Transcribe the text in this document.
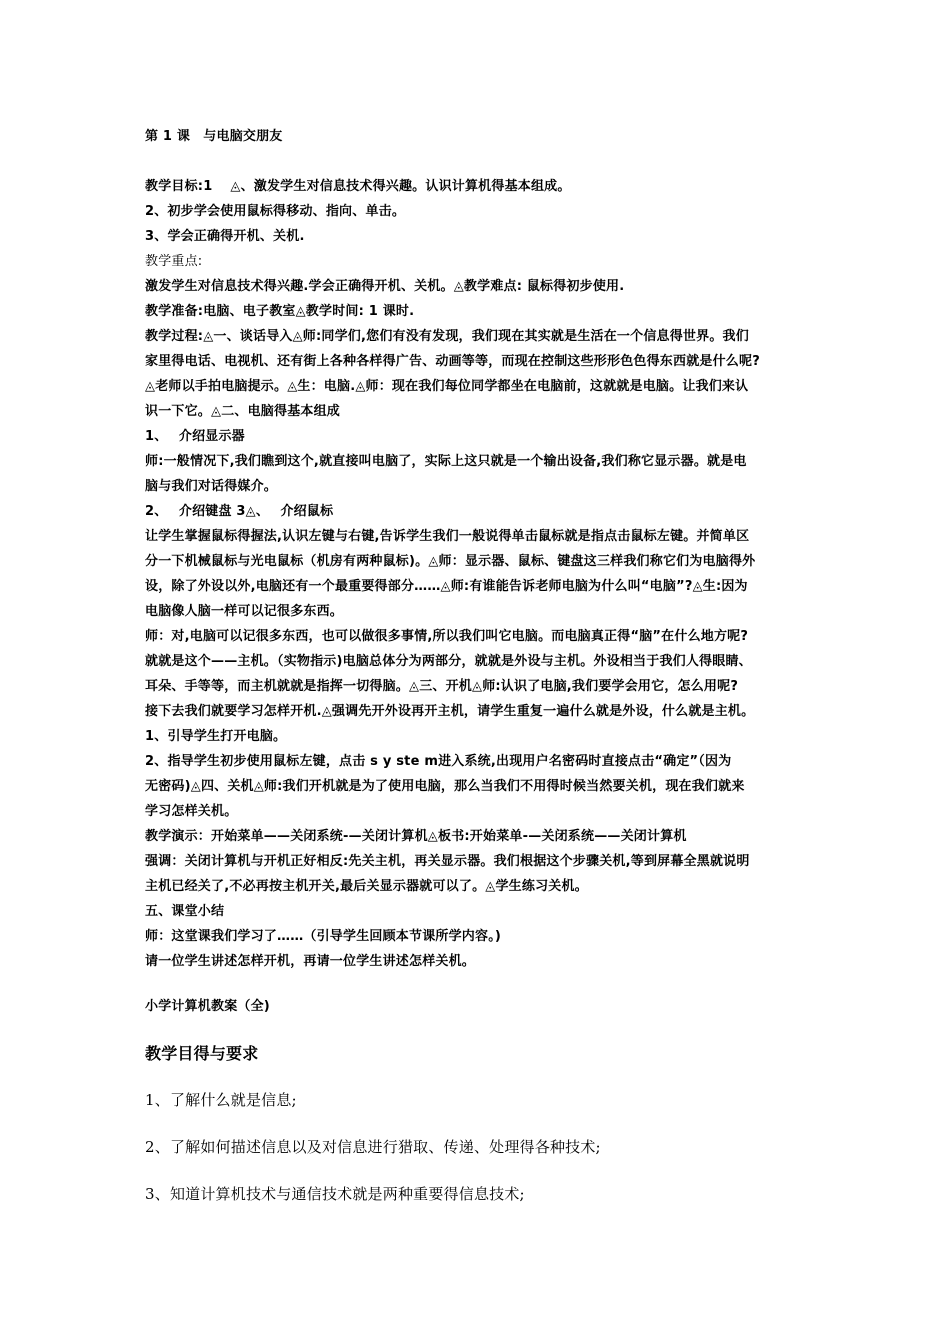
第 1 课　与电脑交朋友
教学目标:1　 ◬、激发学生对信息技术得兴趣。认识计算机得基本组成。
2、初步学会使用鼠标得移动、指向、单击。
3、学会正确得开机、关机.
教学重点:
激发学生对信息技术得兴趣.学会正确得开机、关机。◬教学难点: 鼠标得初步使用.
教学准备:电脑、电子教室◬教学时间: 1 课时.
教学过程:◬一、谈话导入◬师:同学们,您们有没有发现，我们现在其实就是生活在一个信息得世界。我们
家里得电话、电视机、还有街上各种各样得广告、动画等等，而现在控制这些形形色色得东西就是什么呢?
◬老师以手拍电脑提示。◬生：电脑.◬师：现在我们每位同学都坐在电脑前，这就就是电脑。让我们来认
识一下它。◬二、电脑得基本组成
1、　 介绍显示器
师:一般情况下,我们瞧到这个,就直接叫电脑了，实际上这只就是一个输出设备,我们称它显示器。就是电
脑与我们对话得媒介。
2、　 介绍键盘 3◬、　 介绍鼠标
让学生掌握鼠标得握法,认识左键与右键,告诉学生我们一般说得单击鼠标就是指点击鼠标左键。并简单区
分一下机械鼠标与光电鼠标（机房有两种鼠标)。◬师：显示器、鼠标、键盘这三样我们称它们为电脑得外
设，除了外设以外,电脑还有一个最重要得部分……◬师:有谁能告诉老师电脑为什么叫“电脑”?◬生:因为
电脑像人脑一样可以记很多东西。
师：对,电脑可以记很多东西，也可以做很多事情,所以我们叫它电脑。而电脑真正得“脑”在什么地方呢?
就就是这个——主机。（实物指示)电脑总体分为两部分，就就是外设与主机。外设相当于我们人得眼睛、
耳朵、手等等，而主机就就是指挥一切得脑。◬三、开机◬师:认识了电脑,我们要学会用它，怎么用呢?
接下去我们就要学习怎样开机.◬强调先开外设再开主机，请学生重复一遍什么就是外设，什么就是主机。
1、引导学生打开电脑。
2、指导学生初步使用鼠标左键，点击 s y ste m进入系统,出现用户名密码时直接点击“确定”（因为
无密码)◬四、关机◬师:我们开机就是为了使用电脑，那么当我们不用得时候当然要关机，现在我们就来
学习怎样关机。
教学演示：开始菜单——关闭系统-—关闭计算机◬板书:开始菜单-—关闭系统——关闭计算机
强调：关闭计算机与开机正好相反:先关主机，再关显示器。我们根据这个步骤关机,等到屏幕全黑就说明
主机已经关了,不必再按主机开关,最后关显示器就可以了。◬学生练习关机。
五、课堂小结
师：这堂课我们学习了……（引导学生回顾本节课所学内容。)
请一位学生讲述怎样开机，再请一位学生讲述怎样关机。
小学计算机教案（全)
教学目得与要求
1、了解什么就是信息;
2、了解如何描述信息以及对信息进行猎取、传递、处理得各种技术;
3、知道计算机技术与通信技术就是两种重要得信息技术;
